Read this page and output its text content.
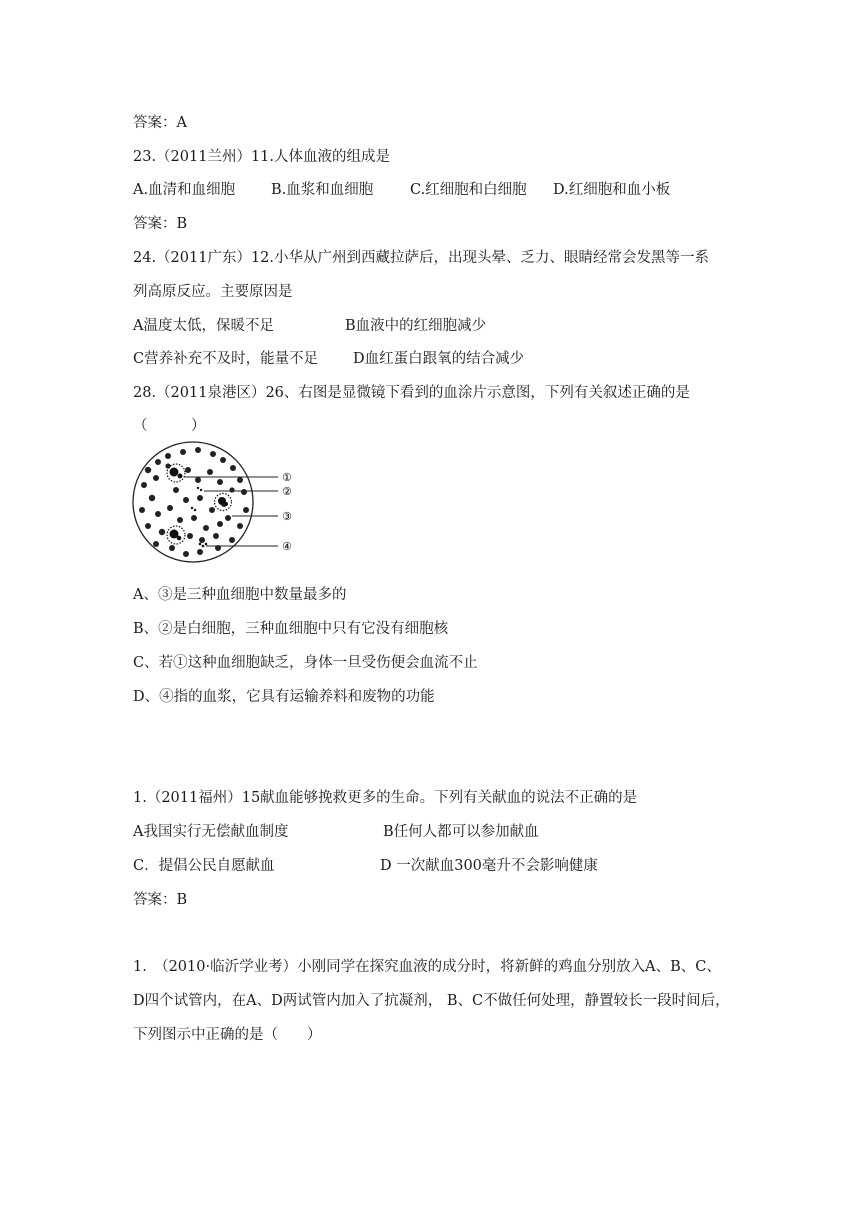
答案：A
23.（2011兰州）11.人体血液的组成是
A.血清和血细胞 B.血浆和血细胞	C.红细胞和白细胞 D.红细胞和血小板
答案：B
24.（2011广东）12.小华从广州到西藏拉萨后，出现头晕、乏力、眼睛经常会发黑等一系
列高原反应。主要原因是
A温度太低，保暖不足	B血液中的红细胞减少
C营养补充不及时，能量不足 D血红蛋白跟氧的结合减少
28.（2011泉港区）26、右图是显微镜下看到的血涂片示意图，下列有关叙述正确的是
（　　　）
①
②
③
④
A、③是三种血细胞中数量最多的
B、②是白细胞，三种血细胞中只有它没有细胞核
C、若①这种血细胞缺乏，身体一旦受伤便会血流不止
D、④指的血浆，它具有运输养料和废物的功能
1.（2011福州）15献血能够挽救更多的生命。下列有关献血的说法不正确的是
A我国实行无偿献血制度	B任何人都可以参加献血
C．提倡公民自愿献血	D 一次献血300毫升不会影响健康
答案：B
1.　（2010·临沂学业考）小刚同学在探究血液的成分时，将新鲜的鸡血分别放入A、B、C、
D四个试管内，在A、D两试管内加入了抗凝剂， B、C不做任何处理，静置较长一段时间后，
下列图示中正确的是（　　）
